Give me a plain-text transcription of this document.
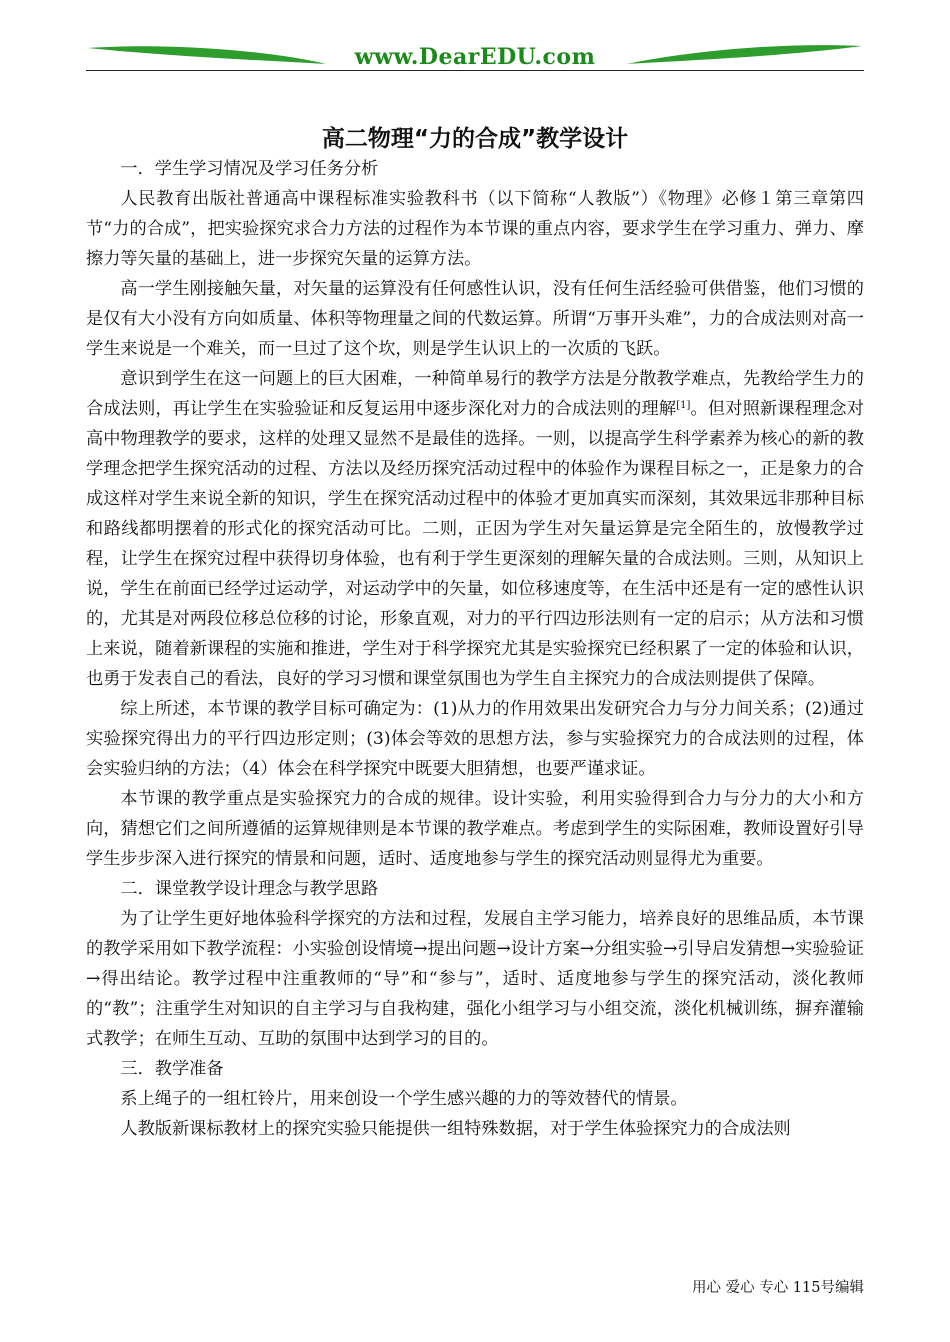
www.DearEDU.com
高二物理“力的合成”教学设计
一．学生学习情况及学习任务分析

人民教育出版社普通高中课程标准实验教科书（以下简称“人教版”）《物理》必修１第三章第四节“力的合成”，把实验探究求合力方法的过程作为本节课的重点内容，要求学生在学习重力、弹力、摩擦力等矢量的基础上，进一步探究矢量的运算方法。

高一学生刚接触矢量，对矢量的运算没有任何感性认识，没有任何生活经验可供借鉴，他们习惯的是仅有大小没有方向如质量、体积等物理量之间的代数运算。所谓“万事开头难”，力的合成法则对高一学生来说是一个难关，而一旦过了这个坎，则是学生认识上的一次质的飞跃。

意识到学生在这一问题上的巨大困难，一种简单易行的教学方法是分散教学难点，先教给学生力的合成法则，再让学生在实验验证和反复运用中逐步深化对力的合成法则的理解[1]。但对照新课程理念对高中物理教学的要求，这样的处理又显然不是最佳的选择。一则，以提高学生科学素养为核心的新的教学理念把学生探究活动的过程、方法以及经历探究活动过程中的体验作为课程目标之一，正是象力的合成这样对学生来说全新的知识，学生在探究活动过程中的体验才更加真实而深刻，其效果远非那种目标和路线都明摆着的形式化的探究活动可比。二则，正因为学生对矢量运算是完全陌生的，放慢教学过程，让学生在探究过程中获得切身体验，也有利于学生更深刻的理解矢量的合成法则。三则，从知识上说，学生在前面已经学过运动学，对运动学中的矢量，如位移速度等，在生活中还是有一定的感性认识的，尤其是对两段位移总位移的讨论，形象直观，对力的平行四边形法则有一定的启示；从方法和习惯上来说，随着新课程的实施和推进，学生对于科学探究尤其是实验探究已经积累了一定的体验和认识，也勇于发表自己的看法，良好的学习习惯和课堂氛围也为学生自主探究力的合成法则提供了保障。

综上所述，本节课的教学目标可确定为：(1)从力的作用效果出发研究合力与分力间关系；(2)通过实验探究得出力的平行四边形定则；(3)体会等效的思想方法，参与实验探究力的合成法则的过程，体会实验归纳的方法；（4）体会在科学探究中既要大胆猜想，也要严谨求证。

本节课的教学重点是实验探究力的合成的规律。设计实验，利用实验得到合力与分力的大小和方向，猜想它们之间所遵循的运算规律则是本节课的教学难点。考虑到学生的实际困难，教师设置好引导学生步步深入进行探究的情景和问题，适时、适度地参与学生的探究活动则显得尤为重要。

二．课堂教学设计理念与教学思路

为了让学生更好地体验科学探究的方法和过程，发展自主学习能力，培养良好的思维品质，本节课的教学采用如下教学流程：小实验创设情境→提出问题→设计方案→分组实验→引导启发猜想→实验验证→得出结论。教学过程中注重教师的“导”和“参与”，适时、适度地参与学生的探究活动，淡化教师的“教”；注重学生对知识的自主学习与自我构建，强化小组学习与小组交流，淡化机械训练，摒弃灌输式教学；在师生互动、互助的氛围中达到学习的目的。

三．教学准备

系上绳子的一组杠铃片，用来创设一个学生感兴趣的力的等效替代的情景。

人教版新课标教材上的探究实验只能提供一组特殊数据，对于学生体验探究力的合成法则

用心 爱心 专心 115号编辑
